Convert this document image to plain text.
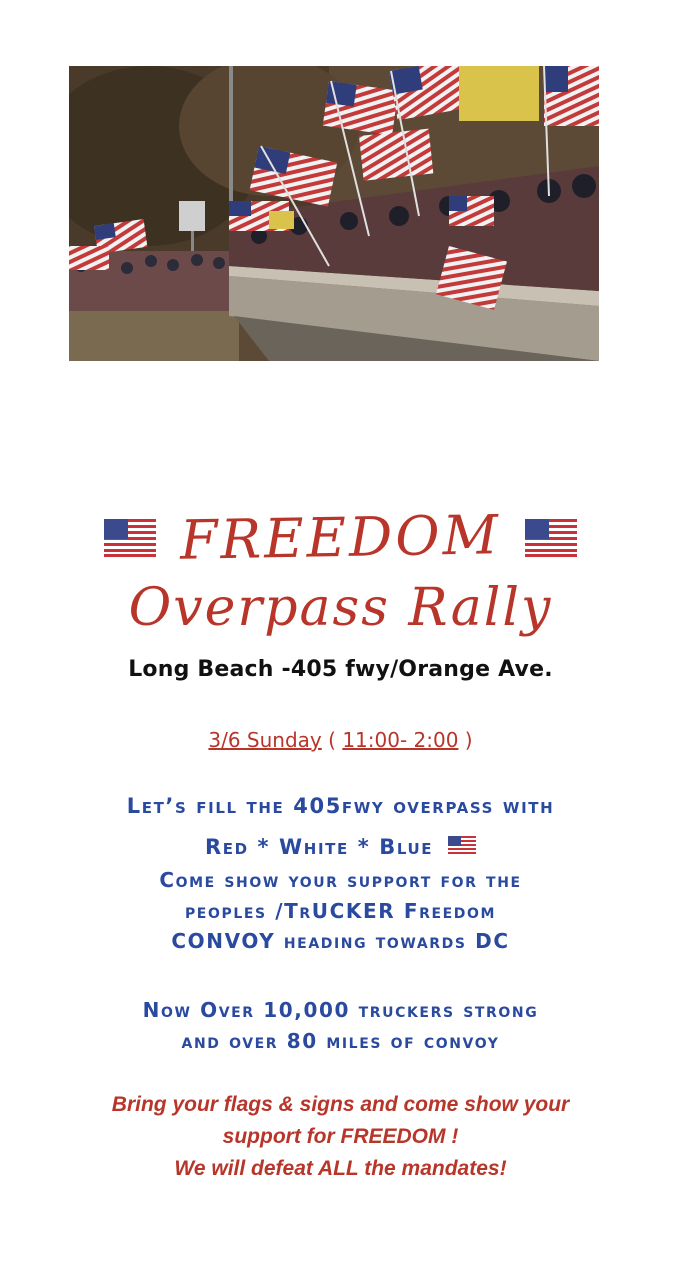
FREEDOM
Overpass Rally
Long Beach -405 fwy/Orange Ave.
3/6 Sunday ( 11:00- 2:00 )
Let’s fill the 405fwy overpass with
Red * White * Blue
Come show your support for the
peoples /TrUCKER Freedom
CONVOY heading towards DC
Now Over 10,000 truckers strong
and over 80 miles of convoy
Bring your flags & signs and come show your
support for FREEDOM !
We will defeat ALL the mandates!
